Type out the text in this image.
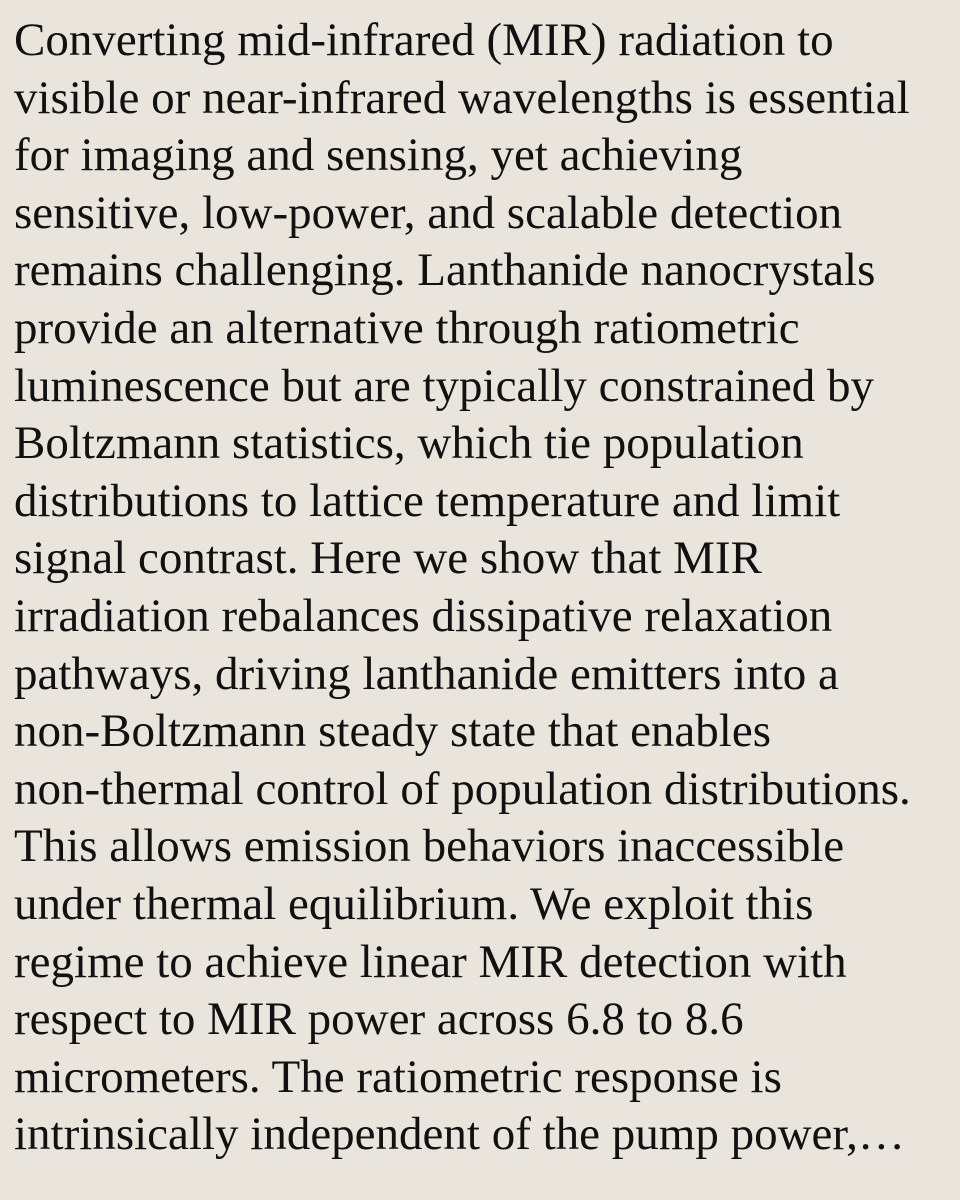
Converting mid-infrared (MIR) radiation to
visible or near-infrared wavelengths is essential
for imaging and sensing, yet achieving
sensitive, low-power, and scalable detection
remains challenging. Lanthanide nanocrystals
provide an alternative through ratiometric
luminescence but are typically constrained by
Boltzmann statistics, which tie population
distributions to lattice temperature and limit
signal contrast. Here we show that MIR
irradiation rebalances dissipative relaxation
pathways, driving lanthanide emitters into a
non-Boltzmann steady state that enables
non-thermal control of population distributions.
This allows emission behaviors inaccessible
under thermal equilibrium. We exploit this
regime to achieve linear MIR detection with
respect to MIR power across 6.8 to 8.6
micrometers. The ratiometric response is
intrinsically independent of the pump power,…
